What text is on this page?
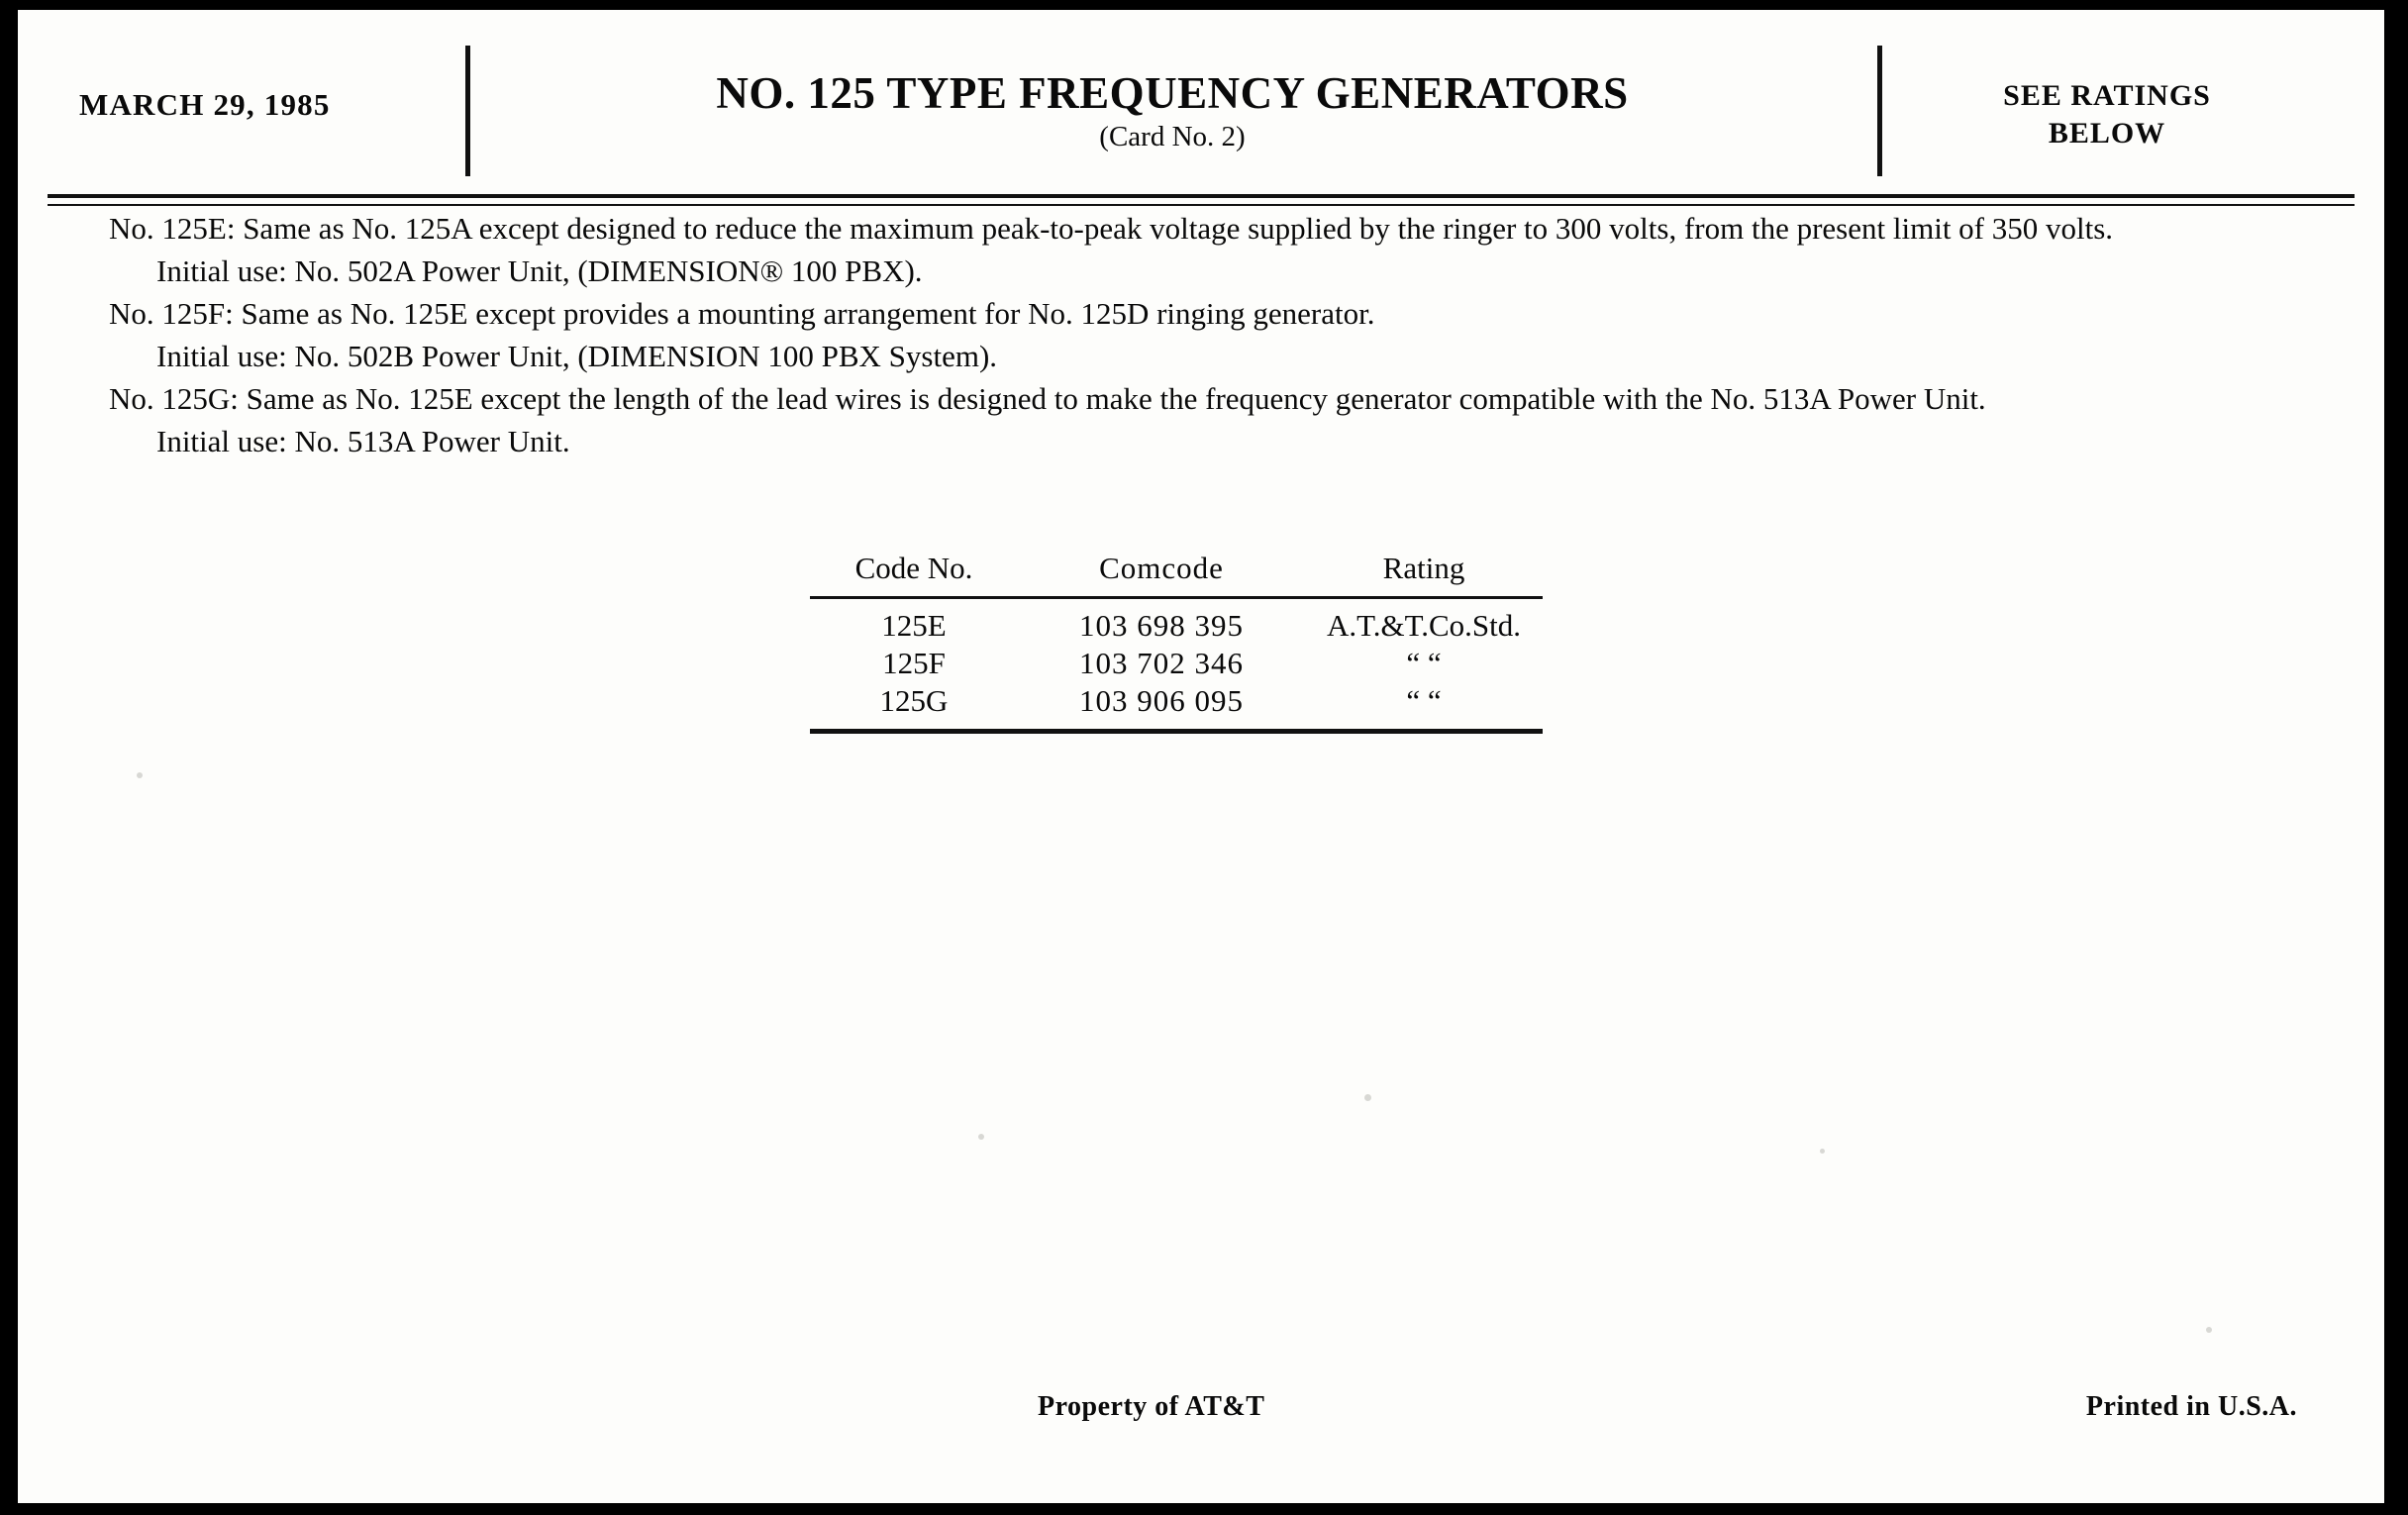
MARCH 29, 1985	NO. 125 TYPE FREQUENCY GENERATORS
(Card No. 2)
SEE RATINGS
BELOW
No. 125E: Same as No. 125A except designed to reduce the maximum peak-to-peak voltage supplied by the ringer to 300 volts, from the present limit of 350 volts.
Initial use: No. 502A Power Unit, (DIMENSION® 100 PBX).
No. 125F: Same as No. 125E except provides a mounting arrangement for No. 125D ringing generator.
Initial use: No. 502B Power Unit, (DIMENSION 100 PBX System).
No. 125G: Same as No. 125E except the length of the lead wires is designed to make the frequency generator compatible with the No. 513A Power Unit.
Initial use: No. 513A Power Unit.
Code No.	Comcode	Rating

125E	103 698 395	A.T.&T.Co.Std.
125F	103 702 346	“ “
125G	103 906 095	“ “
Property of AT&T	Printed in U.S.A.
